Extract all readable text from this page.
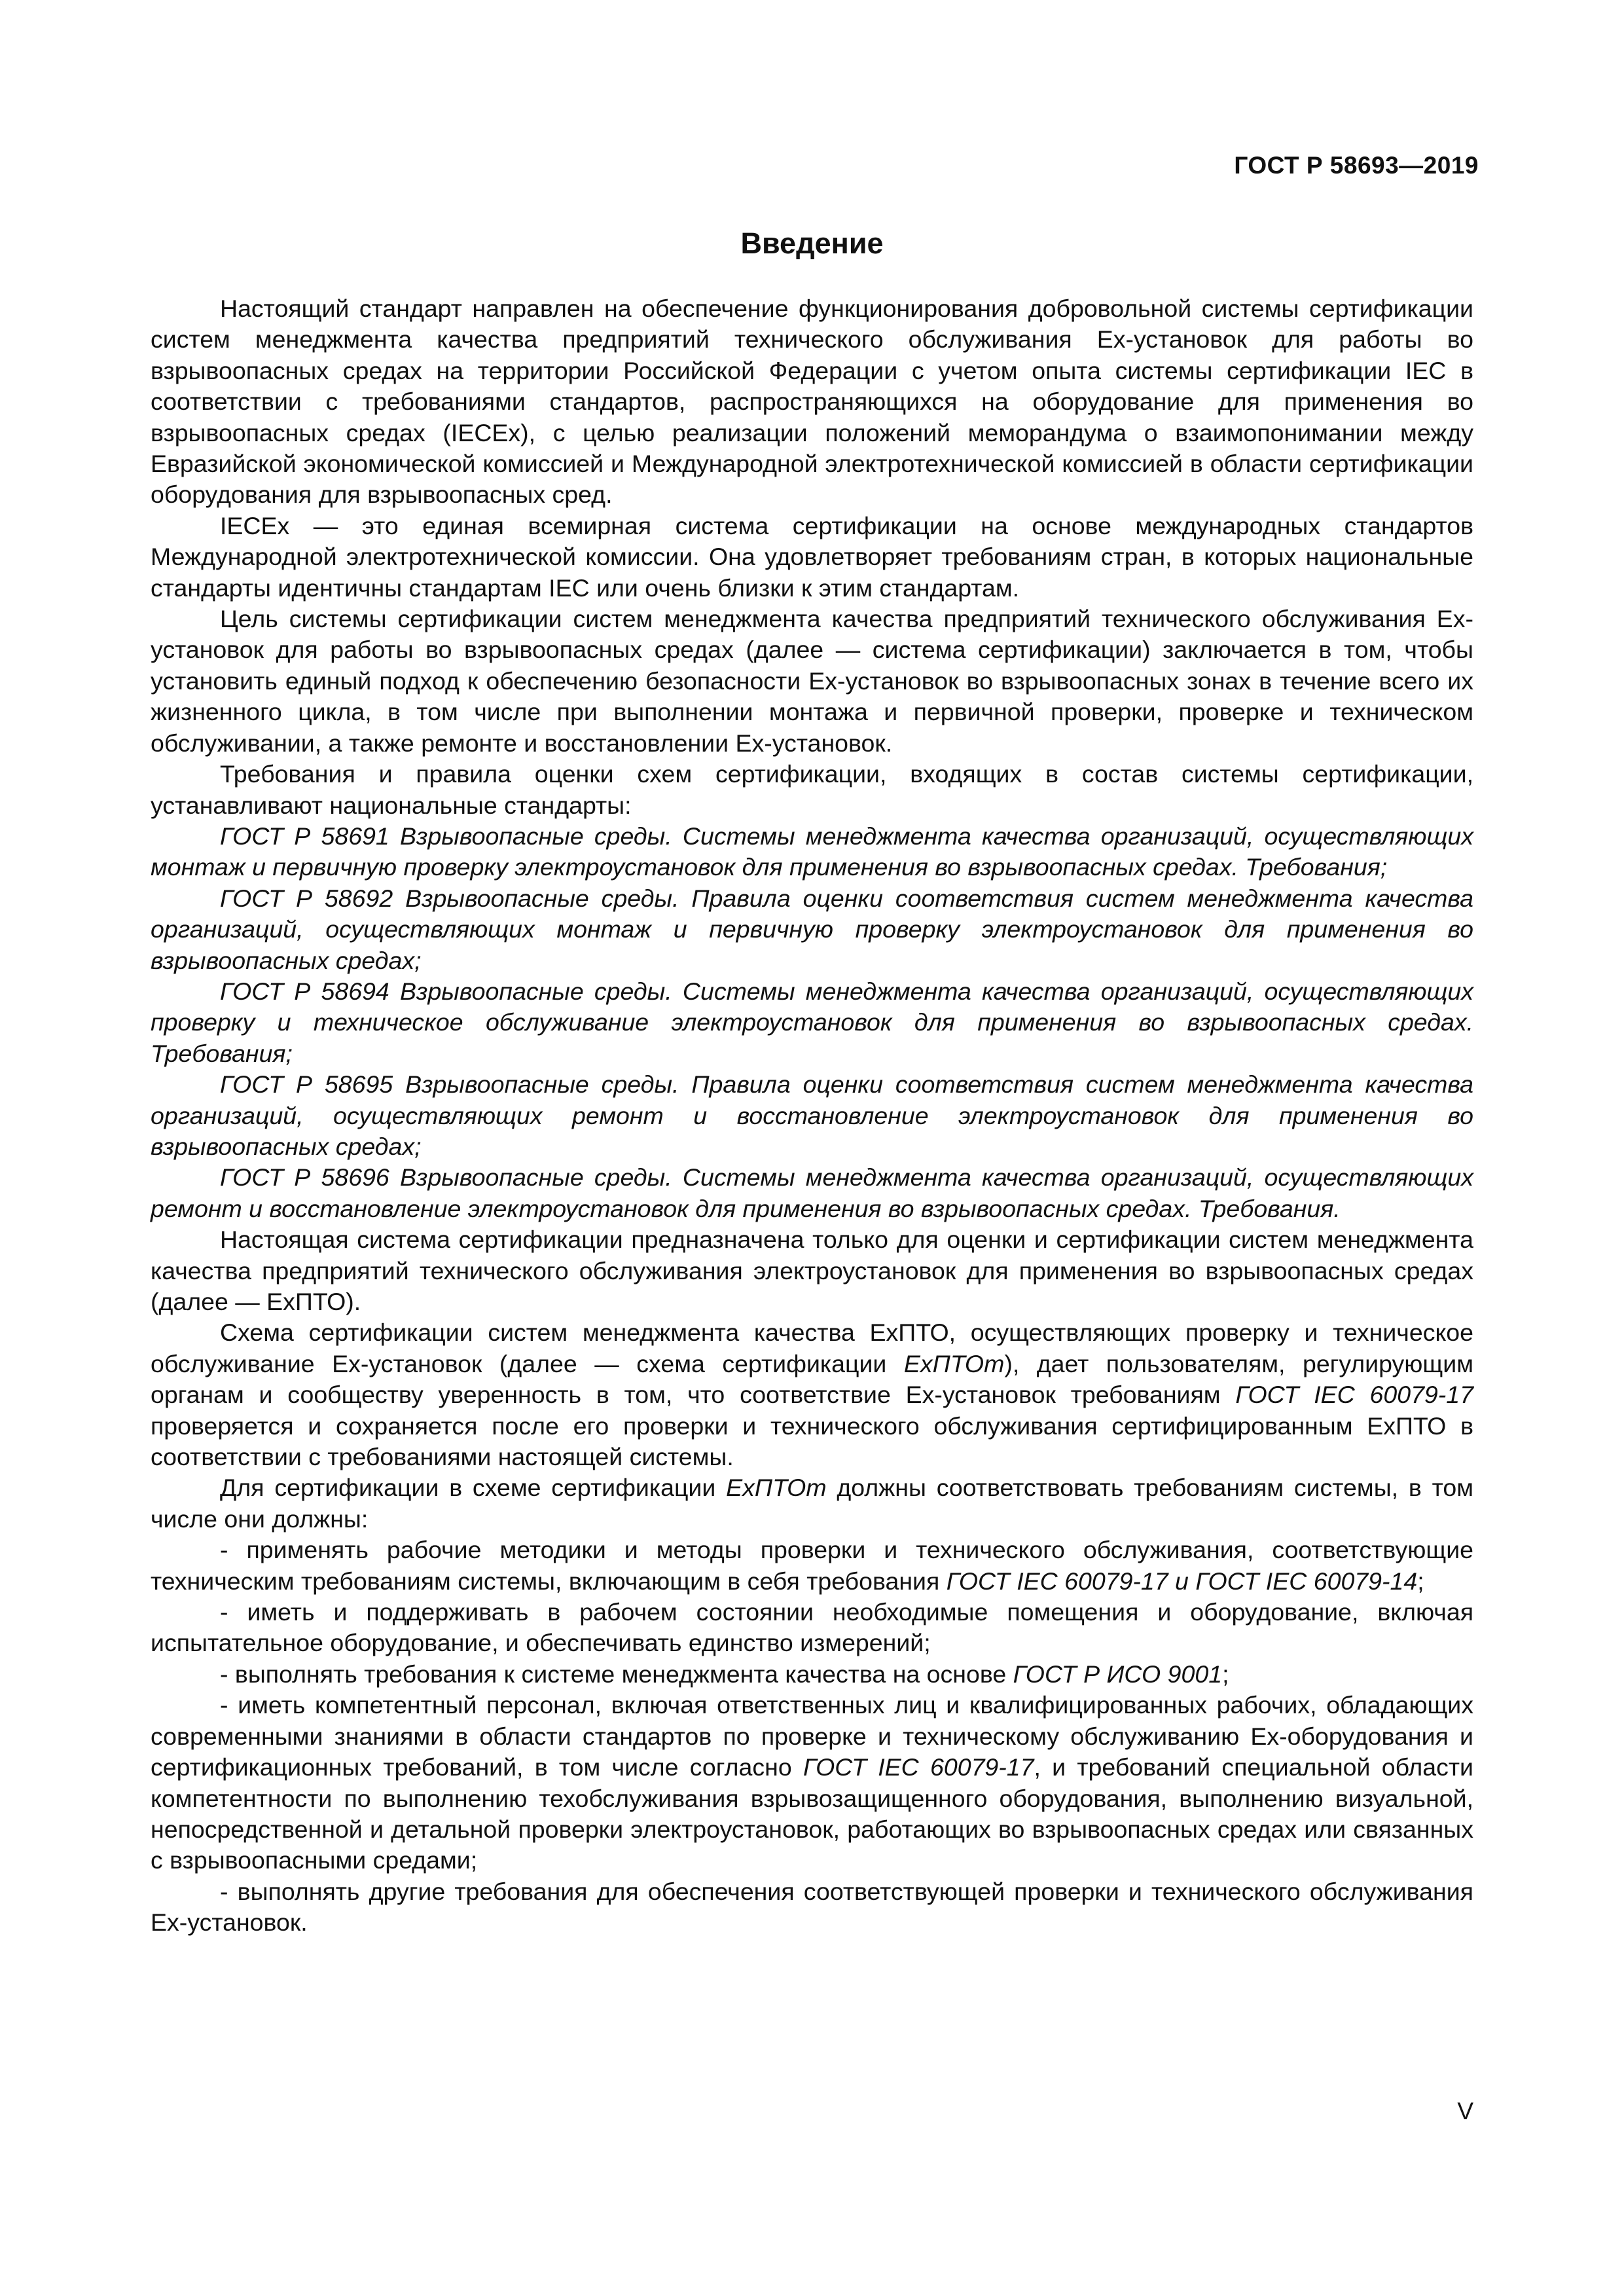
ГОСТ Р 58693—2019
Введение

Настоящий стандарт направлен на обеспечение функционирования добровольной системы сертификации систем менеджмента качества предприятий технического обслуживания Ex-установок для работы во взрывоопасных средах на территории Российской Федерации с учетом опыта системы сертификации IEC в соответствии с требованиями стандартов, распространяющихся на оборудование для применения во взрывоопасных средах (IECEx), с целью реализации положений меморандума о взаимопонимании между Евразийской экономической комиссией и Международной электротехнической комиссией в области сертификации оборудования для взрывоопасных сред.

IECEx — это единая всемирная система сертификации на основе международных стандартов Международной электротехнической комиссии. Она удовлетворяет требованиям стран, в которых национальные стандарты идентичны стандартам IEC или очень близки к этим стандартам.

Цель системы сертификации систем менеджмента качества предприятий технического обслуживания Ex-установок для работы во взрывоопасных средах (далее — система сертификации) заключается в том, чтобы установить единый подход к обеспечению безопасности Ex-установок во взрывоопасных зонах в течение всего их жизненного цикла, в том числе при выполнении монтажа и первичной проверки, проверке и техническом обслуживании, а также ремонте и восстановлении Ex-установок.

Требования и правила оценки схем сертификации, входящих в состав системы сертификации, устанавливают национальные стандарты:

ГОСТ Р 58691 Взрывоопасные среды. Системы менеджмента качества организаций, осуществляющих монтаж и первичную проверку электроустановок для применения во взрывоопасных средах. Требования;

ГОСТ Р 58692 Взрывоопасные среды. Правила оценки соответствия систем менеджмента качества организаций, осуществляющих монтаж и первичную проверку электроустановок для применения во взрывоопасных средах;

ГОСТ Р 58694 Взрывоопасные среды. Системы менеджмента качества организаций, осуществляющих проверку и техническое обслуживание электроустановок для применения во взрывоопасных средах. Требования;

ГОСТ Р 58695 Взрывоопасные среды. Правила оценки соответствия систем менеджмента качества организаций, осуществляющих ремонт и восстановление электроустановок для применения во взрывоопасных средах;

ГОСТ Р 58696 Взрывоопасные среды. Системы менеджмента качества организаций, осуществляющих ремонт и восстановление электроустановок для применения во взрывоопасных средах. Требования.

Настоящая система сертификации предназначена только для оценки и сертификации систем менеджмента качества предприятий технического обслуживания электроустановок для применения во взрывоопасных средах (далее — ЕхПТО).

Схема сертификации систем менеджмента качества ЕхПТО, осуществляющих проверку и техническое обслуживание Ex-установок (далее — схема сертификации ЕхПТОт), дает пользователям, регулирующим органам и сообществу уверенность в том, что соответствие Ex-установок требованиям ГОСТ IEC 60079-17 проверяется и сохраняется после его проверки и технического обслуживания сертифицированным ЕхПТО в соответствии с требованиями настоящей системы.

Для сертификации в схеме сертификации ЕхПТОт должны соответствовать требованиям системы, в том числе они должны:

- применять рабочие методики и методы проверки и технического обслуживания, соответствующие техническим требованиям системы, включающим в себя требования ГОСТ IEC 60079-17 и ГОСТ IEC 60079-14;

- иметь и поддерживать в рабочем состоянии необходимые помещения и оборудование, включая испытательное оборудование, и обеспечивать единство измерений;

- выполнять требования к системе менеджмента качества на основе ГОСТ Р ИСО 9001;

- иметь компетентный персонал, включая ответственных лиц и квалифицированных рабочих, обладающих современными знаниями в области стандартов по проверке и техническому обслуживанию Ex-оборудования и сертификационных требований, в том числе согласно ГОСТ IEC 60079-17, и требований специальной области компетентности по выполнению техобслуживания взрывозащищенного оборудования, выполнению визуальной, непосредственной и детальной проверки электроустановок, работающих во взрывоопасных средах или связанных с взрывоопасными средами;

- выполнять другие требования для обеспечения соответствующей проверки и технического обслуживания Ex-установок.

V
